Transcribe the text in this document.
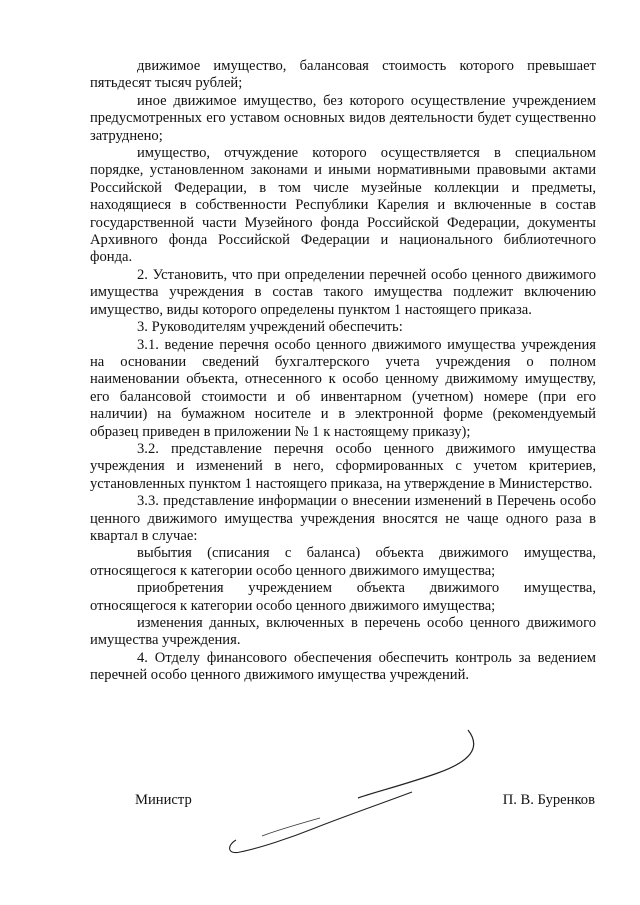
движимое имущество, балансовая стоимость которого превышает пятьдесят тысяч рублей;

иное движимое имущество, без которого осуществление учреждением предусмотренных его уставом основных видов деятельности будет существенно затруднено;

имущество, отчуждение которого осуществляется в специальном порядке, установленном законами и иными нормативными правовыми актами Российской Федерации, в том числе музейные коллекции и предметы, находящиеся в собственности Республики Карелия и включенные в состав государственной части Музейного фонда Российской Федерации, документы Архивного фонда Российской Федерации и национального библиотечного фонда.

2. Установить, что при определении перечней особо ценного движимого имущества учреждения в состав такого имущества подлежит включению имущество, виды которого определены пунктом 1 настоящего приказа.

3. Руководителям учреждений обеспечить:

3.1. ведение перечня особо ценного движимого имущества учреждения на основании сведений бухгалтерского учета учреждения о полном наименовании объекта, отнесенного к особо ценному движимому имуществу, его балансовой стоимости и об инвентарном (учетном) номере (при его наличии) на бумажном носителе и в электронной форме (рекомендуемый образец приведен в приложении № 1 к настоящему приказу);

3.2. представление перечня особо ценного движимого имущества учреждения и изменений в него, сформированных с учетом критериев, установленных пунктом 1 настоящего приказа, на утверждение в Министерство.

3.3. представление информации о внесении изменений в Перечень особо ценного движимого имущества учреждения вносятся не чаще одного раза в квартал в случае:

выбытия (списания с баланса) объекта движимого имущества, относящегося к категории особо ценного движимого имущества;

приобретения учреждением объекта движимого имущества, относящегося к категории особо ценного движимого имущества;

изменения данных, включенных в перечень особо ценного движимого имущества учреждения.

4. Отделу финансового обеспечения обеспечить контроль за ведением перечней особо ценного движимого имущества учреждений.

Министр	П. В. Буренков
